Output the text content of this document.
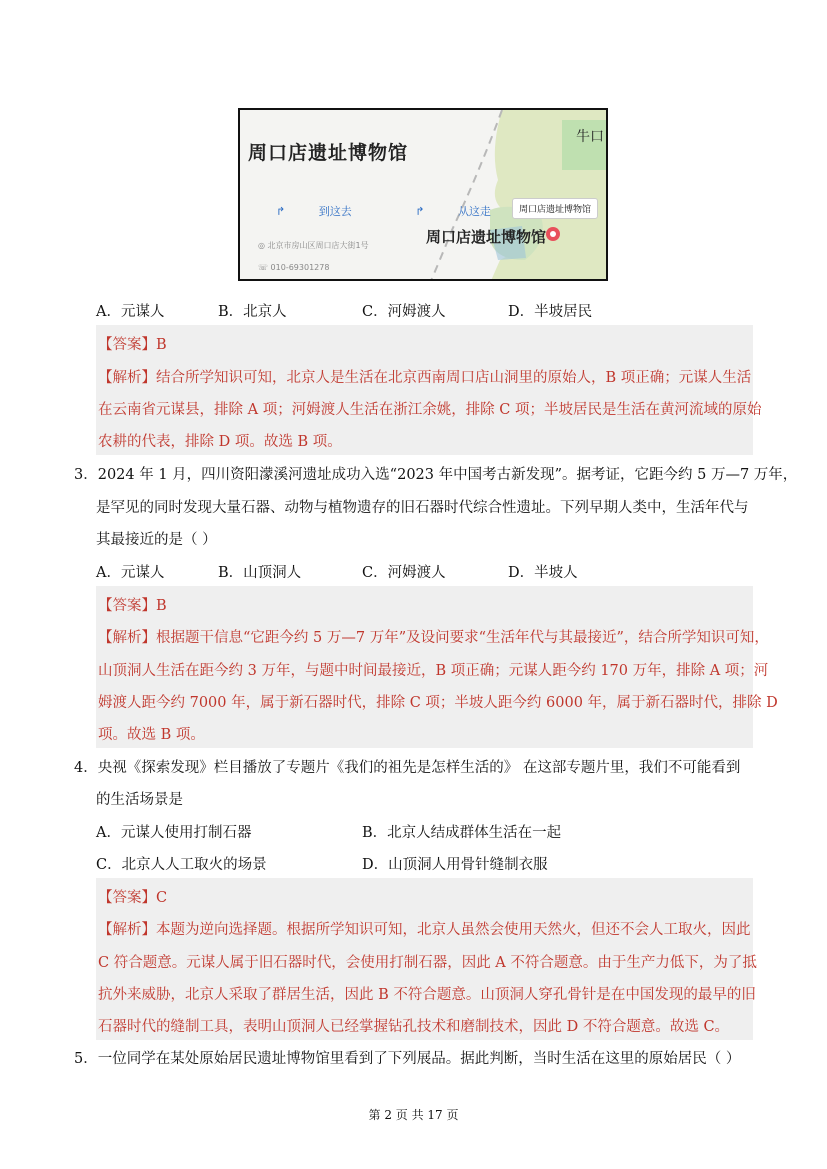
周口店遗址博物馆
↱	到这去	↱	从这走
◎ 北京市房山区周口店大街1号
☏ 010-69301278
牛口
周口店遗址博物馆
周口店遗址博物馆
A．元谋人	B．北京人	C．河姆渡人	D．半坡居民
【答案】B
【解析】结合所学知识可知，北京人是生活在北京西南周口店山洞里的原始人，B 项正确；元谋人生活
在云南省元谋县，排除 A 项；河姆渡人生活在浙江余姚，排除 C 项；半坡居民是生活在黄河流域的原始
农耕的代表，排除 D 项。故选 B 项。
3．2024 年 1 月，四川资阳濛溪河遗址成功入选“2023 年中国考古新发现”。据考证，它距今约 5 万—7 万年，
是罕见的同时发现大量石器、动物与植物遗存的旧石器时代综合性遗址。下列早期人类中，生活年代与
其最接近的是（ ）
A．元谋人	B．山顶洞人	C．河姆渡人	D．半坡人
【答案】B
【解析】根据题干信息“它距今约 5 万—7 万年”及设问要求“生活年代与其最接近”，结合所学知识可知，
山顶洞人生活在距今约 3 万年，与题中时间最接近，B 项正确；元谋人距今约 170 万年，排除 A 项；河
姆渡人距今约 7000 年，属于新石器时代，排除 C 项；半坡人距今约 6000 年，属于新石器时代，排除 D
项。故选 B 项。
4．央视《探索发现》栏目播放了专题片《我们的祖先是怎样生活的》 在这部专题片里，我们不可能看到
的生活场景是
A．元谋人使用打制石器	B．北京人结成群体生活在一起
C．北京人人工取火的场景	D．山顶洞人用骨针缝制衣服
【答案】C
【解析】本题为逆向选择题。根据所学知识可知，北京人虽然会使用天然火，但还不会人工取火，因此
C 符合题意。元谋人属于旧石器时代，会使用打制石器，因此 A 不符合题意。由于生产力低下，为了抵
抗外来威胁，北京人采取了群居生活，因此 B 不符合题意。山顶洞人穿孔骨针是在中国发现的最早的旧
石器时代的缝制工具，表明山顶洞人已经掌握钻孔技术和磨制技术，因此 D 不符合题意。故选 C。
5．一位同学在某处原始居民遗址博物馆里看到了下列展品。据此判断，当时生活在这里的原始居民（ ）
第 2 页 共 17 页
